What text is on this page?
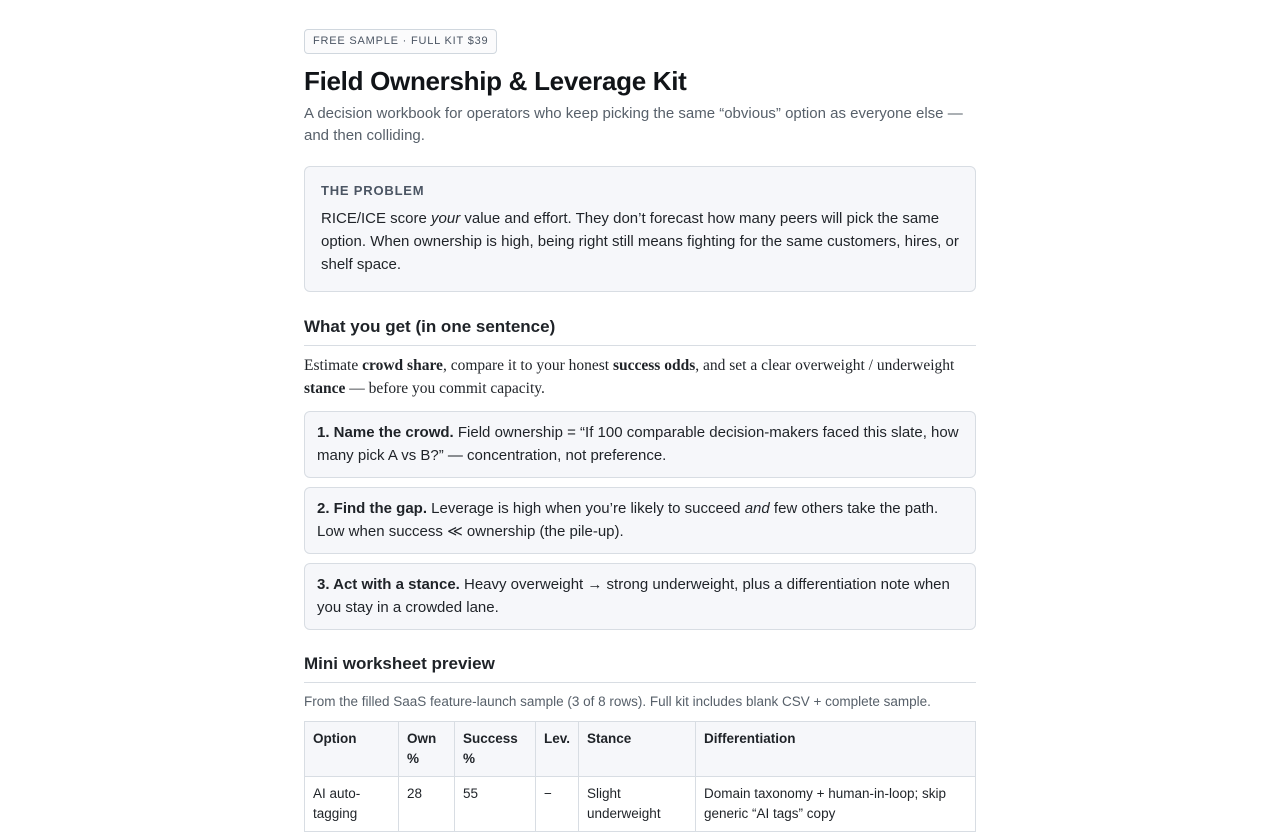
FREE SAMPLE · FULL KIT $39
Field Ownership & Leverage Kit
A decision workbook for operators who keep picking the same “obvious” option as everyone else — and then colliding.
THE PROBLEM
RICE/ICE score your value and effort. They don’t forecast how many peers will pick the same option. When ownership is high, being right still means fighting for the same customers, hires, or shelf space.
What you get (in one sentence)
Estimate crowd share, compare it to your honest success odds, and set a clear overweight / underweight stance — before you commit capacity.
1. Name the crowd. Field ownership = “If 100 comparable decision-makers faced this slate, how many pick A vs B?” — concentration, not preference.
2. Find the gap. Leverage is high when you’re likely to succeed and few others take the path. Low when success ≪ ownership (the pile-up).
3. Act with a stance. Heavy overweight → strong underweight, plus a differentiation note when you stay in a crowded lane.
Mini worksheet preview
From the filled SaaS feature-launch sample (3 of 8 rows). Full kit includes blank CSV + complete sample.
Option	Own %	Success %	Lev.	Stance	Differentiation
AI auto-tagging	28	55	−	Slight underweight	Domain taxonomy + human-in-loop; skip generic “AI tags” copy
